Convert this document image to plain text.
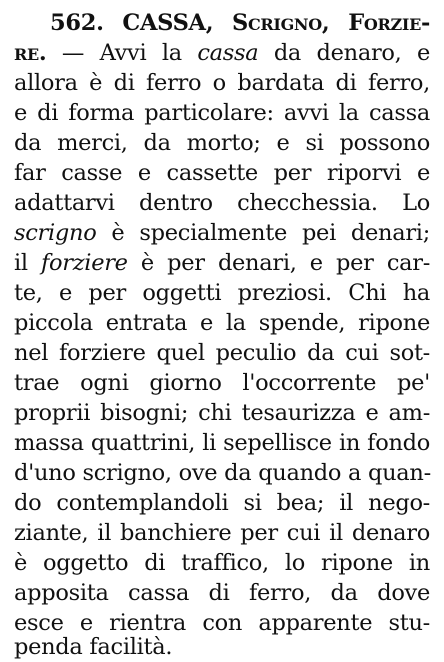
562. CASSA, Scrigno, Forzie-
re. — Avvi la cassa da denaro, e
allora è di ferro o bardata di ferro,
e di forma particolare: avvi la cassa
da merci, da morto; e si possono
far casse e cassette per riporvi e
adattarvi dentro checchessia. Lo
scrigno è specialmente pei denari;
il forziere è per denari, e per car-
te, e per oggetti preziosi. Chi ha
piccola entrata e la spende, ripone
nel forziere quel peculio da cui sot-
trae ogni giorno l'occorrente pe'
proprii bisogni; chi tesaurizza e am-
massa quattrini, li sepellisce in fondo
d'uno scrigno, ove da quando a quan-
do contemplandoli si bea; il nego-
ziante, il banchiere per cui il denaro
è oggetto di traffico, lo ripone in
apposita cassa di ferro, da dove
esce e rientra con apparente stu-
penda facilità.
